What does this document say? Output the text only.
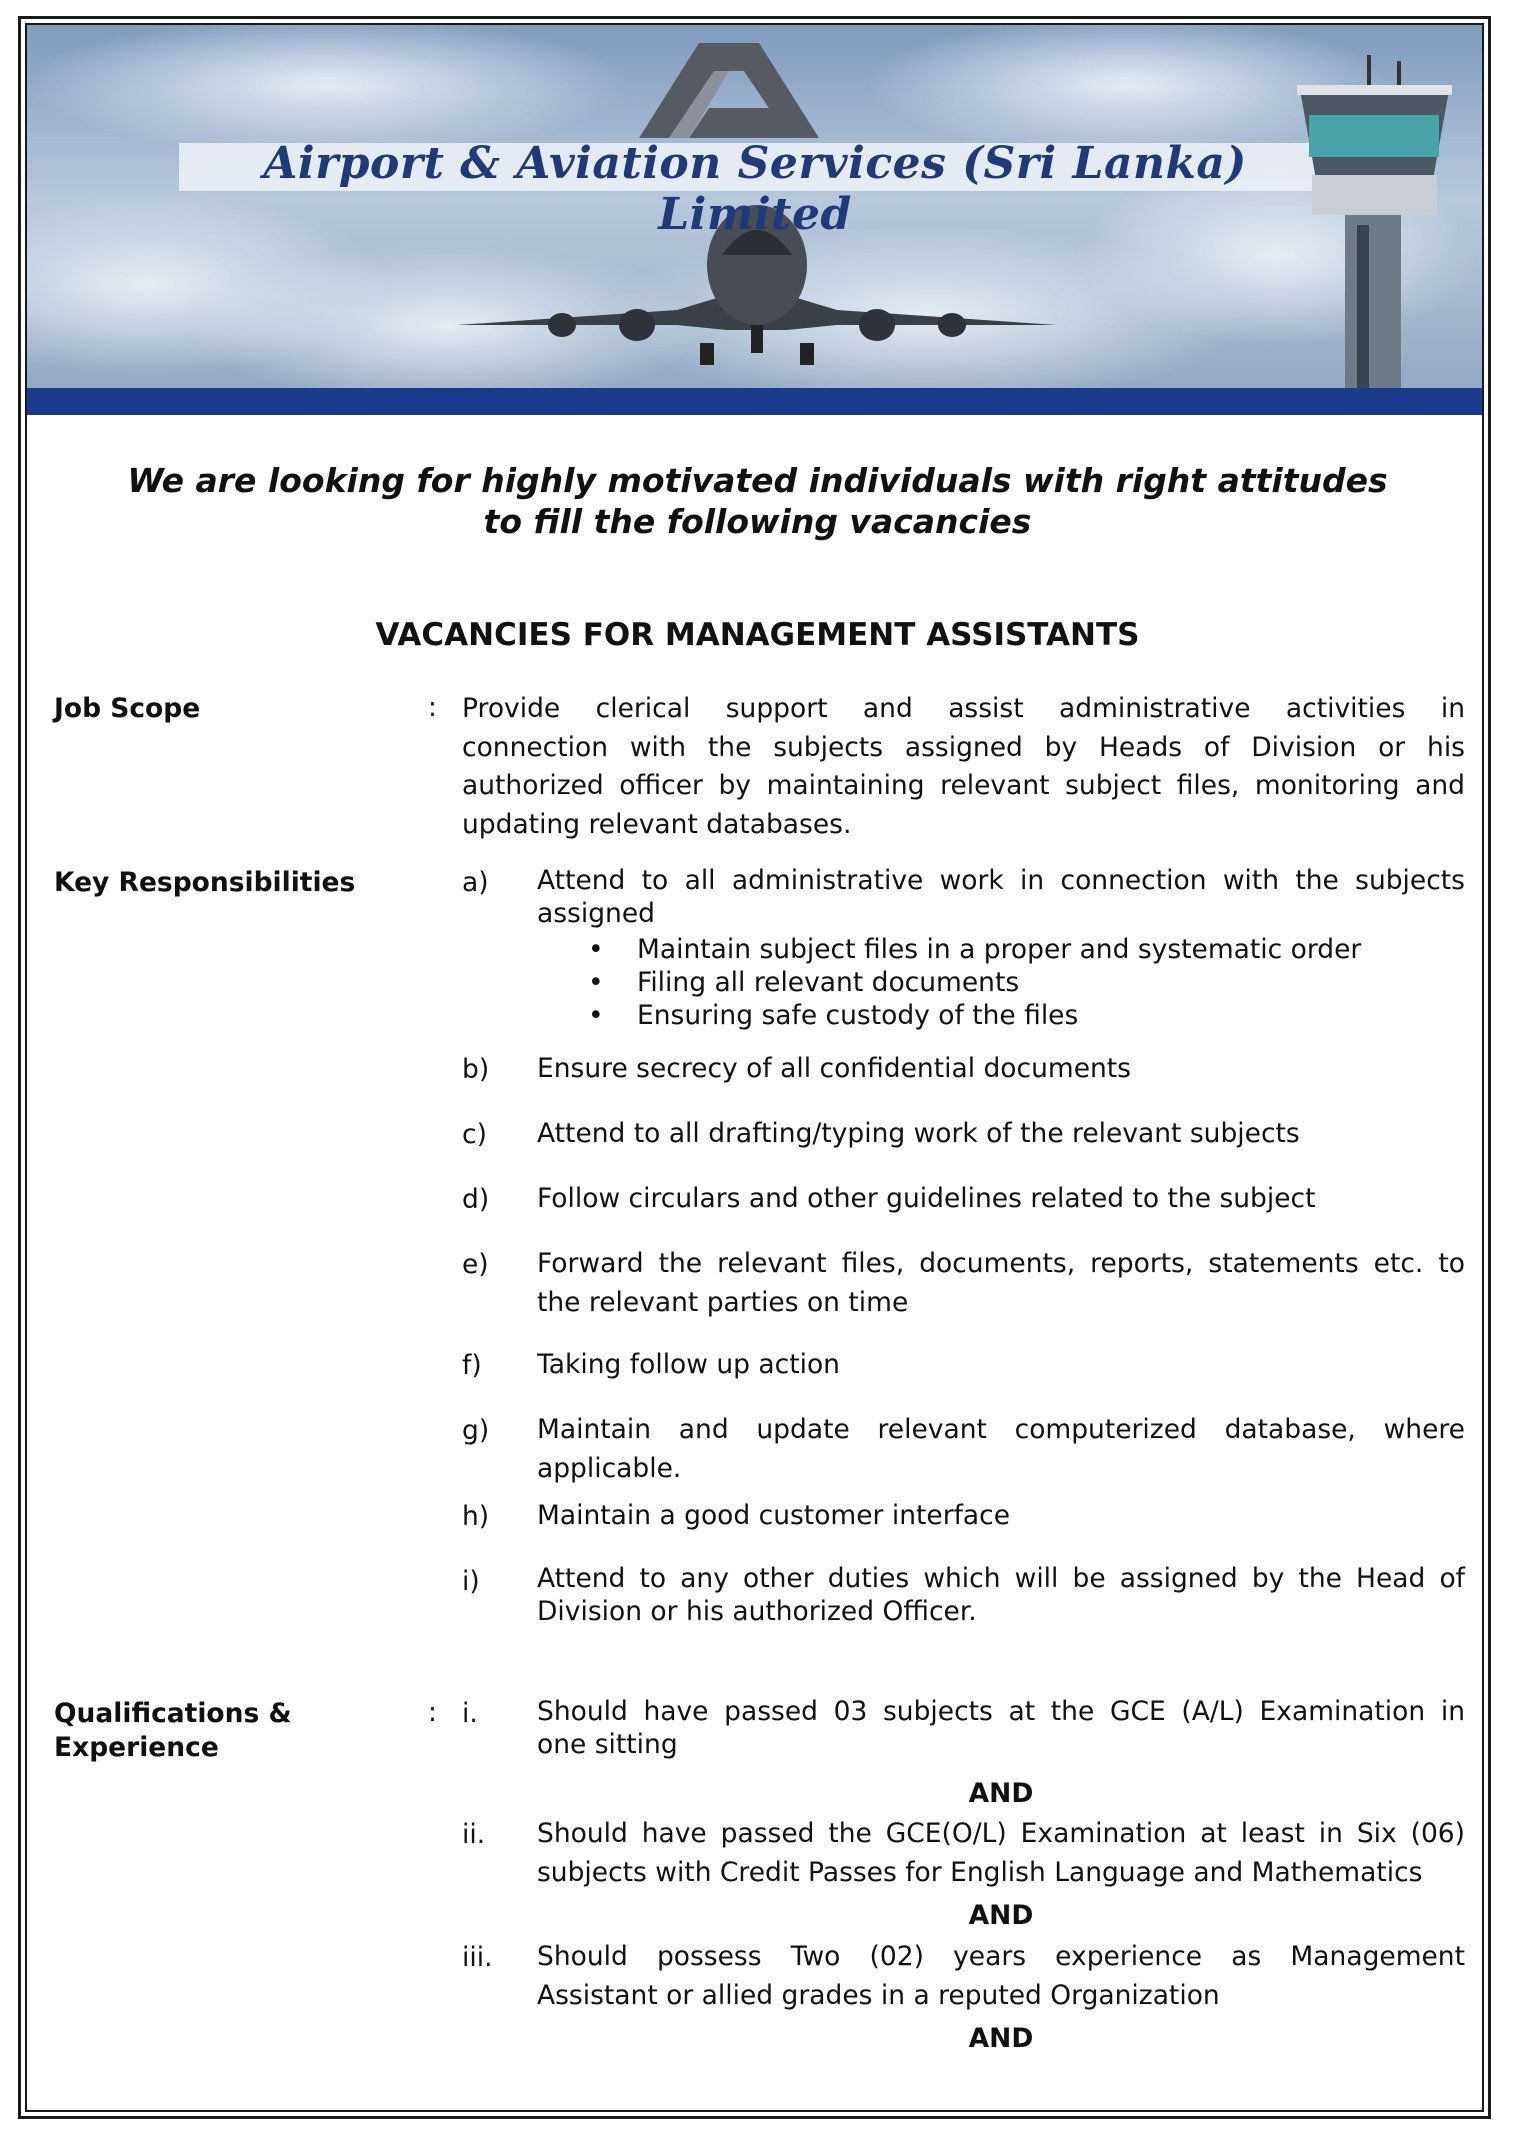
Airport & Aviation Services (Sri Lanka) Limited
We are looking for highly motivated individuals with right attitudes
to fill the following vacancies
VACANCIES FOR MANAGEMENT ASSISTANTS
Job Scope	: Provide clerical support and assist administrative activities in
connection with the subjects assigned by Heads of Division or his
authorized officer by maintaining relevant subject files, monitoring and
updating relevant databases.
Key Responsibilities	a) Attend to all administrative work in connection with the subjects
assigned
• Maintain subject files in a proper and systematic order
• Filing all relevant documents
• Ensuring safe custody of the files
b) Ensure secrecy of all confidential documents
c) Attend to all drafting/typing work of the relevant subjects
d) Follow circulars and other guidelines related to the subject
e) Forward the relevant files, documents, reports, statements etc. to
the relevant parties on time
f) Taking follow up action
g) Maintain and update relevant computerized database, where
applicable.
h) Maintain a good customer interface
i) Attend to any other duties which will be assigned by the Head of
Division or his authorized Officer.
Qualifications &
Experience
: i. Should have passed 03 subjects at the GCE (A/L) Examination in
one sitting
AND
ii. Should have passed the GCE(O/L) Examination at least in Six (06)
subjects with Credit Passes for English Language and Mathematics
AND
iii. Should possess Two (02) years experience as Management
Assistant or allied grades in a reputed Organization
AND
